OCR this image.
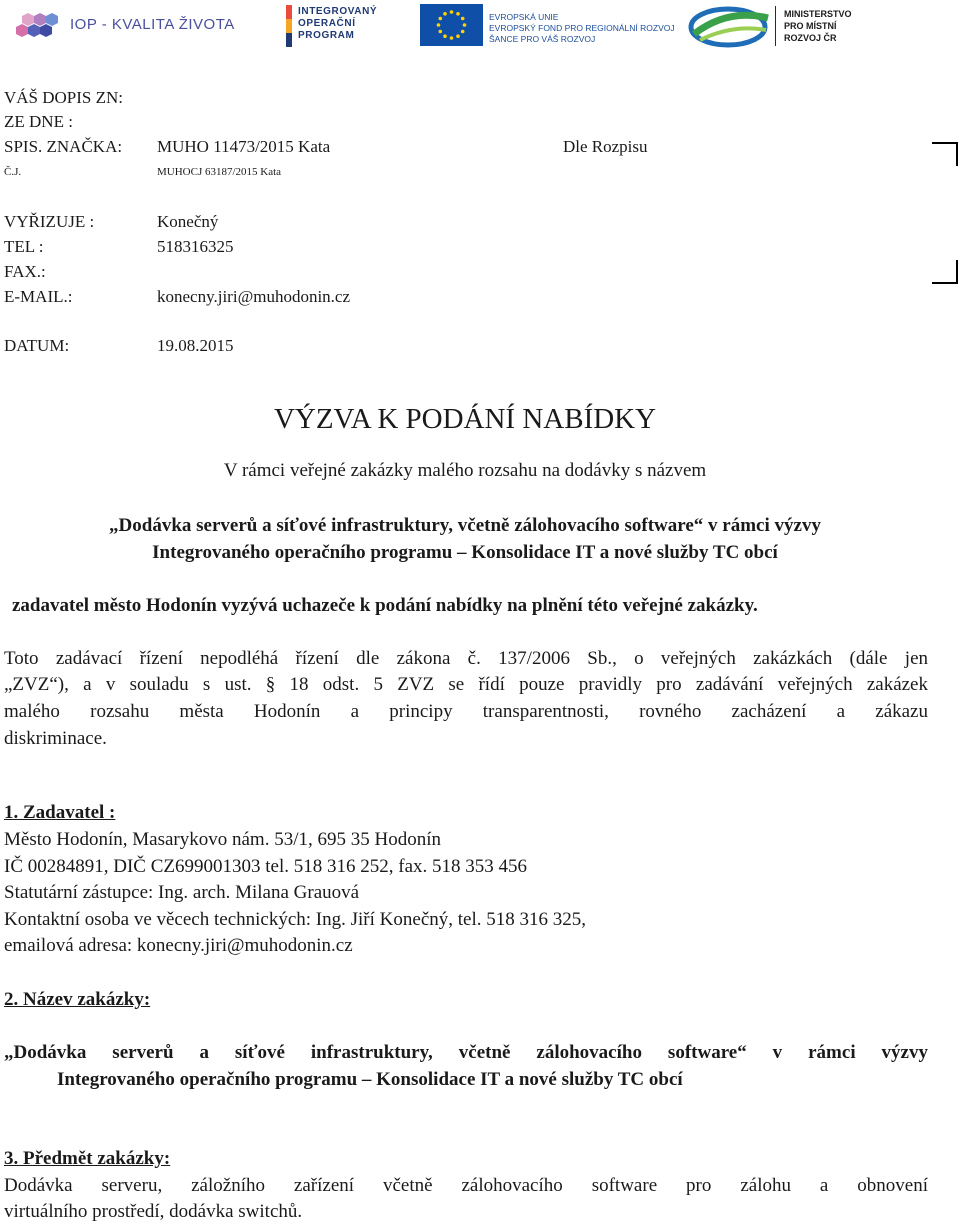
IOP - KVALITA ŽIVOTA
INTEGROVANÝ
OPERAČNÍ
PROGRAM
EVROPSKÁ UNIE
EVROPSKÝ FOND PRO REGIONÁLNÍ ROZVOJ
ŠANCE PRO VÁŠ ROZVOJ
MINISTERSTVO
PRO MÍSTNÍ
ROZVOJ ČR
VÁŠ DOPIS ZN:
ZE DNE :
SPIS. ZNAČKA: MUHO 11473/2015 Kata	Dle Rozpisu
Č.J.	MUHOCJ 63187/2015 Kata
VYŘIZUJE :	Konečný
TEL :	518316325
FAX.:
E-MAIL.:	konecny.jiri@muhodonin.cz
DATUM:	19.08.2015
VÝZVA K PODÁNÍ NABÍDKY
V rámci veřejné zakázky malého rozsahu na dodávky s názvem
„Dodávka serverů a síťové infrastruktury, včetně zálohovacího software“ v rámci výzvy
Integrovaného operačního programu – Konsolidace IT a nové služby TC obcí
zadavatel město Hodonín vyzývá uchazeče k podání nabídky na plnění této veřejné zakázky.
Toto zadávací řízení nepodléhá řízení dle zákona č. 137/2006 Sb., o veřejných zakázkách (dále jen
„ZVZ“), a v souladu s ust. § 18 odst. 5 ZVZ se řídí pouze pravidly pro zadávání veřejných zakázek
malého rozsahu města Hodonín a principy transparentnosti, rovného zacházení a zákazu
diskriminace.
1. Zadavatel :
Město Hodonín, Masarykovo nám. 53/1, 695 35 Hodonín
IČ 00284891, DIČ CZ699001303 tel. 518 316 252, fax. 518 353 456
Statutární zástupce: Ing. arch. Milana Grauová
Kontaktní osoba ve věcech technických: Ing. Jiří Konečný, tel. 518 316 325,
emailová adresa: konecny.jiri@muhodonin.cz
2. Název zakázky:
„Dodávka serverů a síťové infrastruktury, včetně zálohovacího software“ v rámci výzvy
Integrovaného operačního programu – Konsolidace IT a nové služby TC obcí
3. Předmět zakázky:
Dodávka serveru, záložního zařízení včetně zálohovacího software pro zálohu a obnovení
virtuálního prostředí, dodávka switchů.
